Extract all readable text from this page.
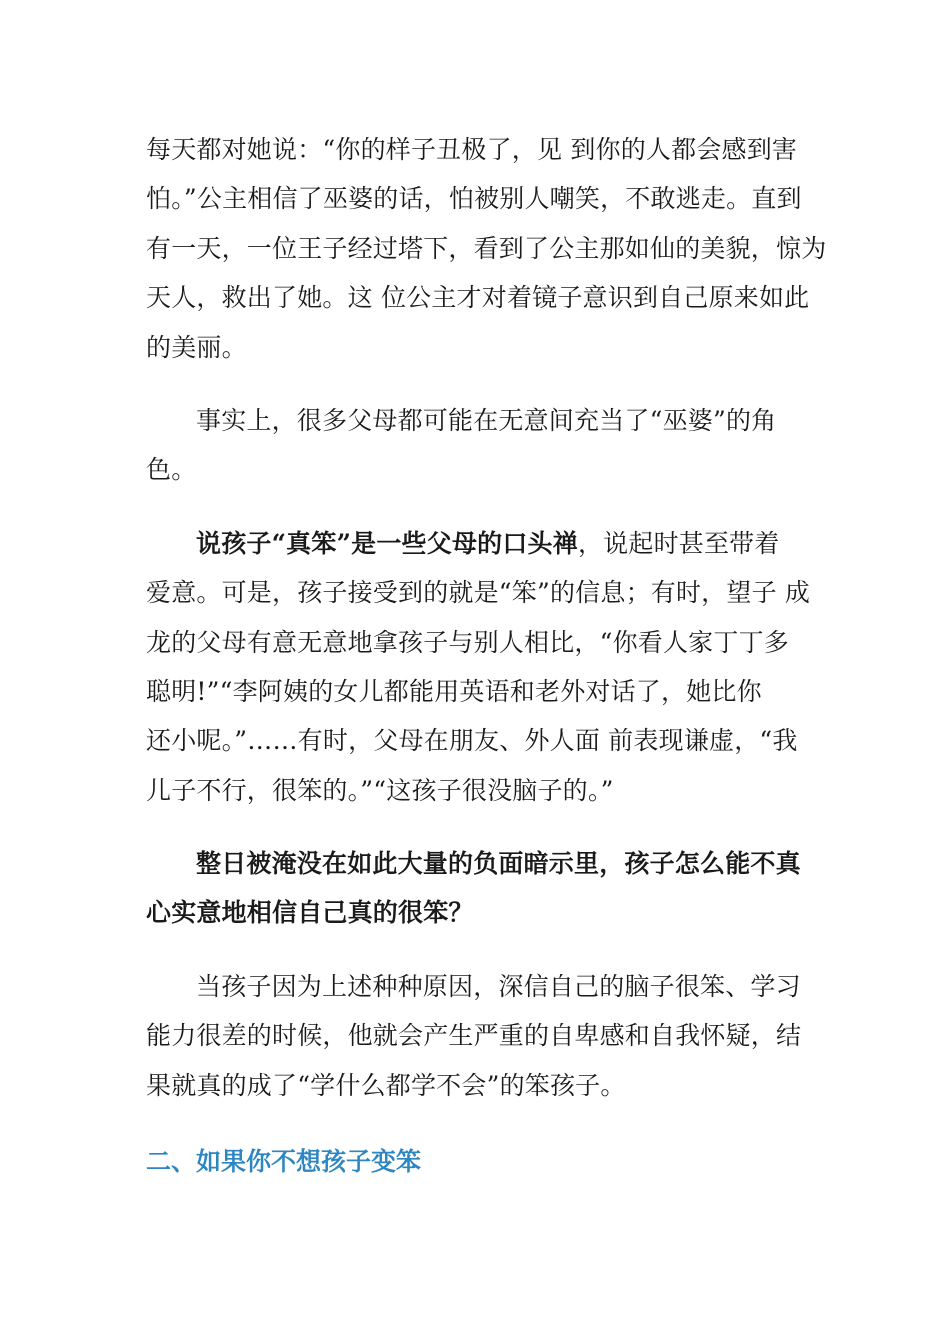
每天都对她说：“你的样子丑极了，见 到你的人都会感到害
怕。”公主相信了巫婆的话，怕被别人嘲笑，不敢逃走。直到
有一天，一位王子经过塔下，看到了公主那如仙的美貌，惊为
天人，救出了她。这 位公主才对着镜子意识到自己原来如此
的美丽。
事实上，很多父母都可能在无意间充当了“巫婆”的角
色。
说孩子“真笨”是一些父母的口头禅，说起时甚至带着
爱意。可是，孩子接受到的就是“笨”的信息；有时，望子 成
龙的父母有意无意地拿孩子与别人相比，“你看人家丁丁多
聪明!”“李阿姨的女儿都能用英语和老外对话了，她比你
还小呢。”……有时，父母在朋友、外人面 前表现谦虚，“我
儿子不行，很笨的。”“这孩子很没脑子的。”
整日被淹没在如此大量的负面暗示里，孩子怎么能不真
心实意地相信自己真的很笨？
当孩子因为上述种种原因，深信自己的脑子很笨、学习
能力很差的时候，他就会产生严重的自卑感和自我怀疑，结
果就真的成了“学什么都学不会”的笨孩子。
二、如果你不想孩子变笨
